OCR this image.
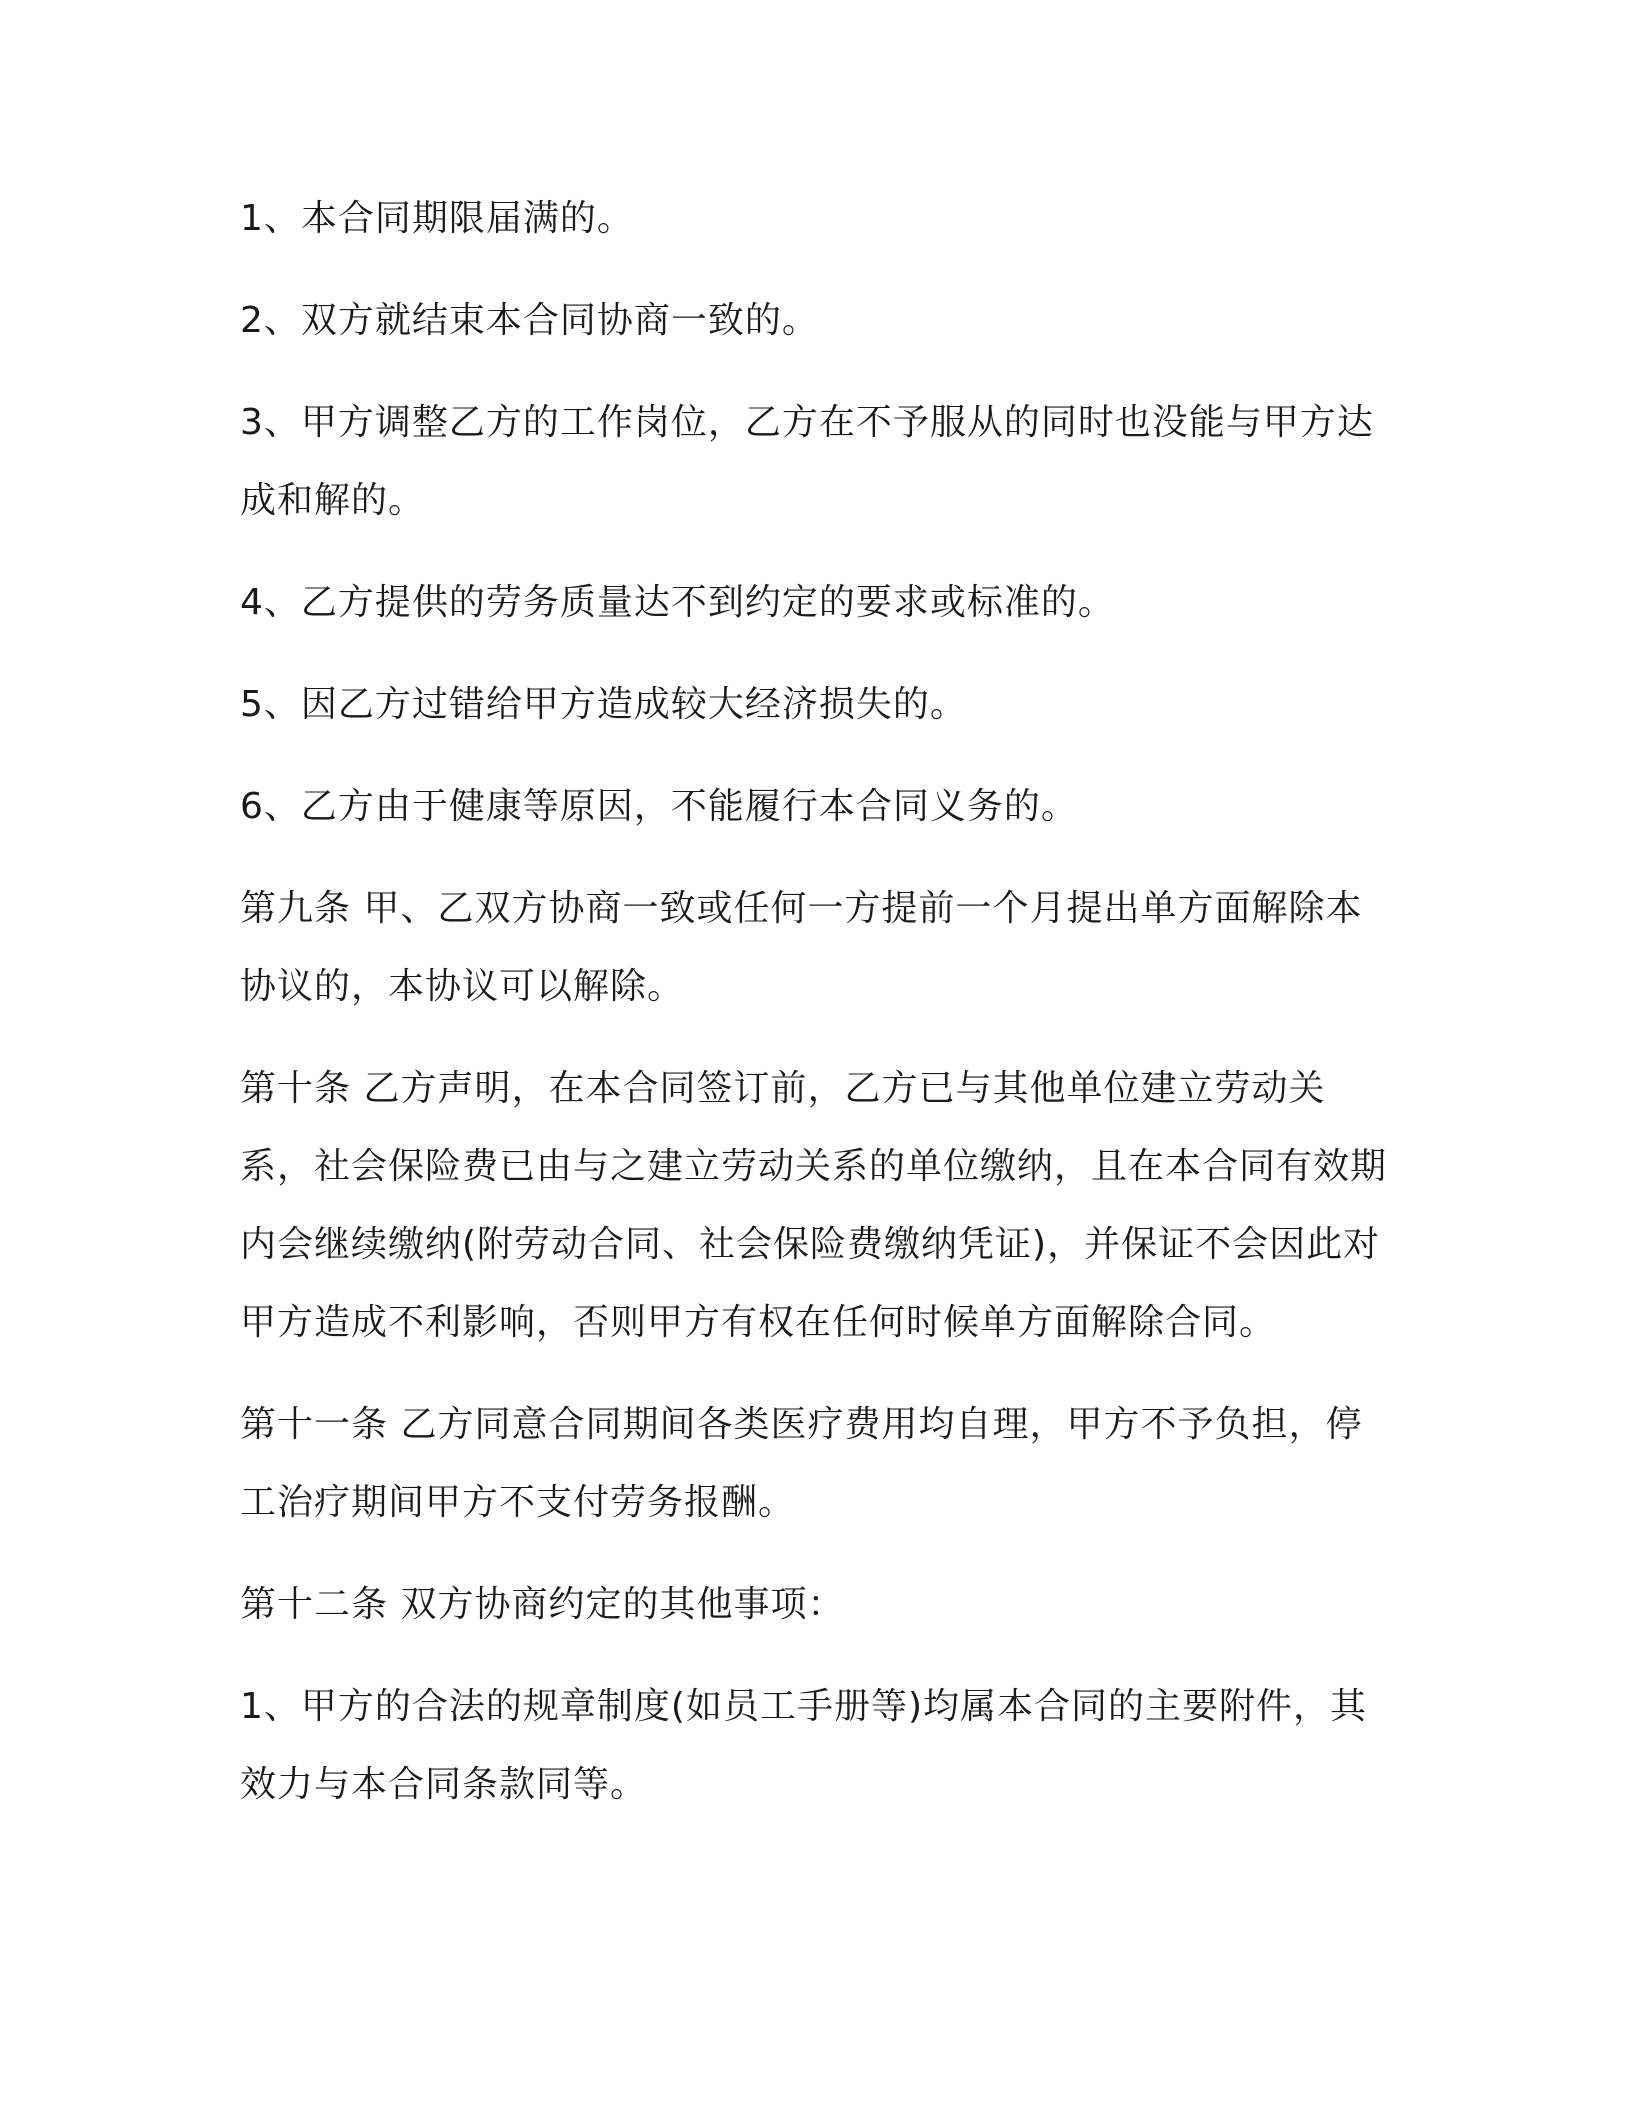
1、本合同期限届满的。

2、双方就结束本合同协商一致的。

3、甲方调整乙方的工作岗位，乙方在不予服从的同时也没能与甲方达成和解的。

4、乙方提供的劳务质量达不到约定的要求或标准的。

5、因乙方过错给甲方造成较大经济损失的。

6、乙方由于健康等原因，不能履行本合同义务的。

第九条 甲、乙双方协商一致或任何一方提前一个月提出单方面解除本协议的，本协议可以解除。

第十条 乙方声明，在本合同签订前，乙方已与其他单位建立劳动关系，社会保险费已由与之建立劳动关系的单位缴纳，且在本合同有效期内会继续缴纳(附劳动合同、社会保险费缴纳凭证)，并保证不会因此对甲方造成不利影响，否则甲方有权在任何时候单方面解除合同。

第十一条 乙方同意合同期间各类医疗费用均自理，甲方不予负担，停工治疗期间甲方不支付劳务报酬。

第十二条 双方协商约定的其他事项：

1、甲方的合法的规章制度(如员工手册等)均属本合同的主要附件，其效力与本合同条款同等。
